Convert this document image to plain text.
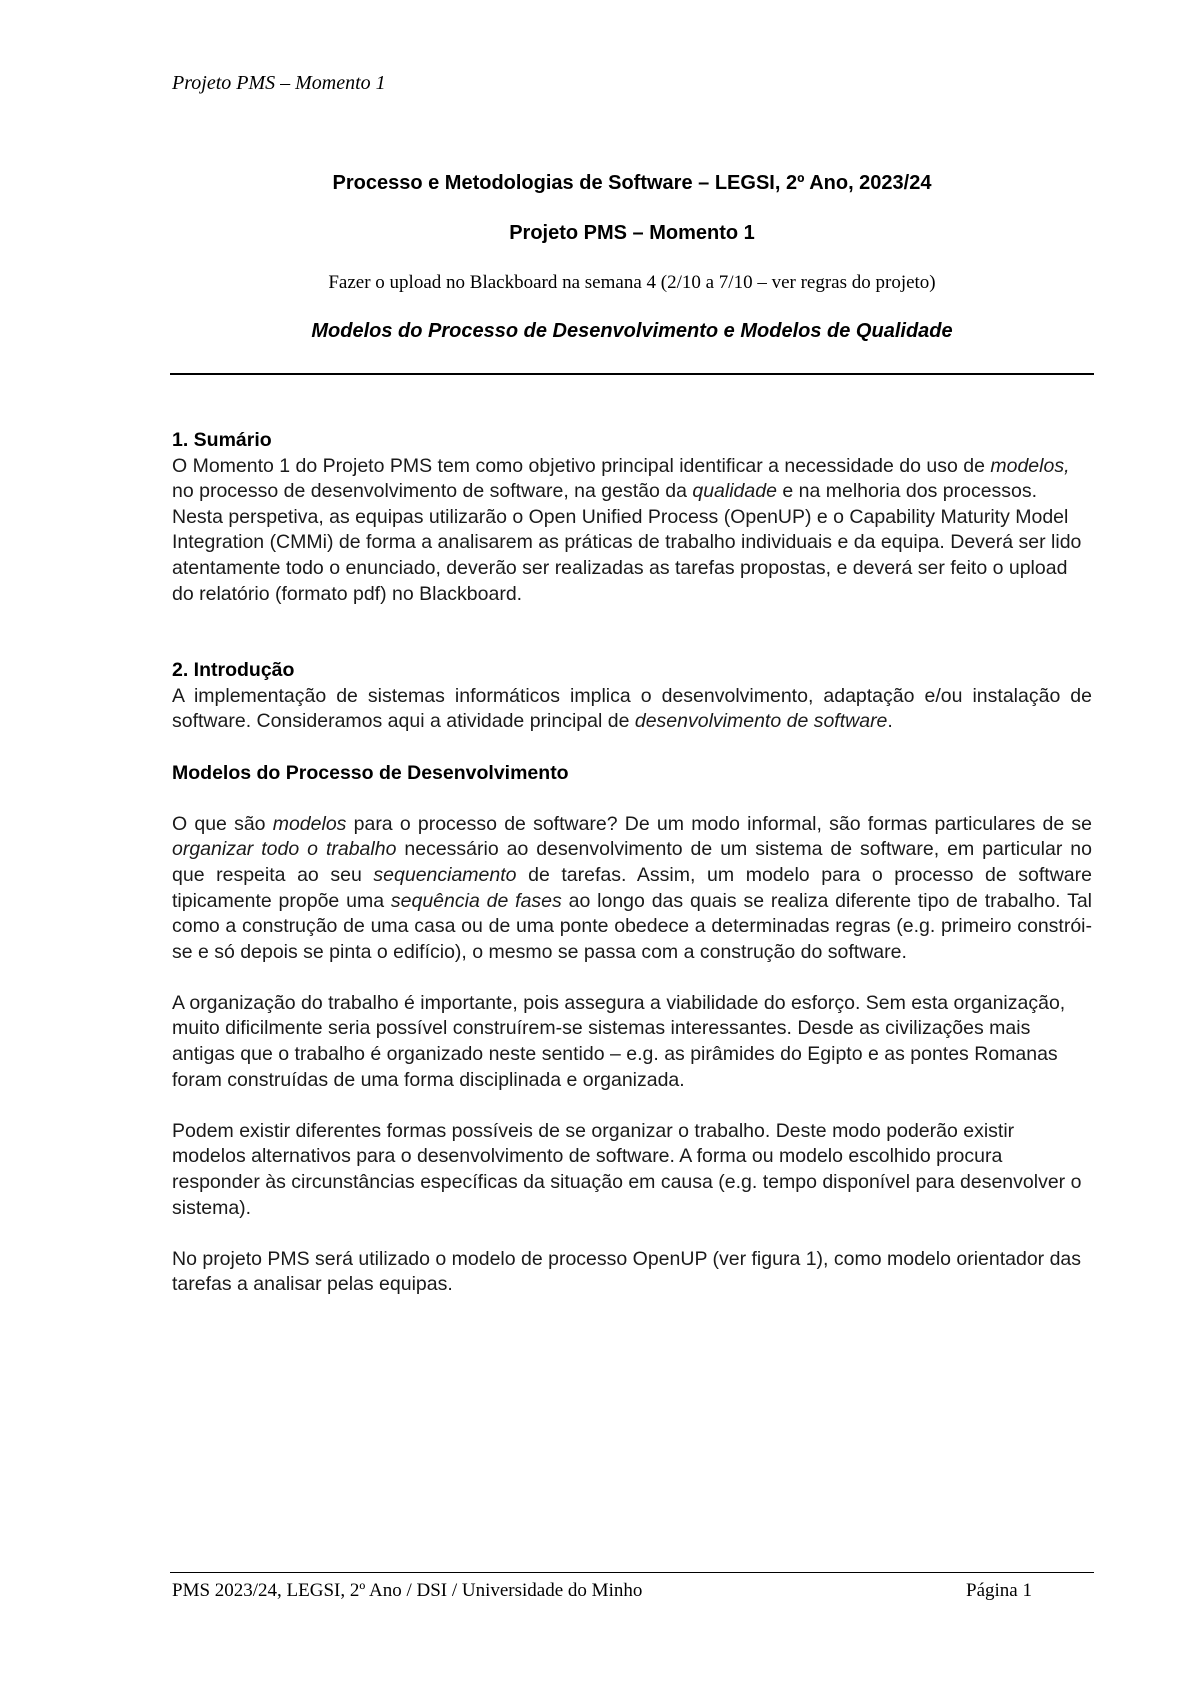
Projeto PMS – Momento 1
Processo e Metodologias de Software – LEGSI, 2º Ano, 2023/24
Projeto PMS – Momento 1
Fazer o upload no Blackboard na semana 4 (2/10 a 7/10 – ver regras do projeto)
Modelos do Processo de Desenvolvimento e Modelos de Qualidade

1. Sumário

O Momento 1 do Projeto PMS tem como objetivo principal identificar a necessidade do uso de modelos, no processo de desenvolvimento de software, na gestão da qualidade e na melhoria dos processos. Nesta perspetiva, as equipas utilizarão o Open Unified Process (OpenUP) e o Capability Maturity Model Integration (CMMi) de forma a analisarem as práticas de trabalho individuais e da equipa. Deverá ser lido atentamente todo o enunciado, deverão ser realizadas as tarefas propostas, e deverá ser feito o upload do relatório (formato pdf) no Blackboard.

2. Introdução

A implementação de sistemas informáticos implica o desenvolvimento, adaptação e/ou instalação de software. Consideramos aqui a atividade principal de desenvolvimento de software.

Modelos do Processo de Desenvolvimento

O que são modelos para o processo de software? De um modo informal, são formas particulares de se organizar todo o trabalho necessário ao desenvolvimento de um sistema de software, em particular no que respeita ao seu sequenciamento de tarefas. Assim, um modelo para o processo de software tipicamente propõe uma sequência de fases ao longo das quais se realiza diferente tipo de trabalho. Tal como a construção de uma casa ou de uma ponte obedece a determinadas regras (e.g. primeiro constrói-se e só depois se pinta o edifício), o mesmo se passa com a construção do software.

A organização do trabalho é importante, pois assegura a viabilidade do esforço. Sem esta organização, muito dificilmente seria possível construírem-se sistemas interessantes. Desde as civilizações mais antigas que o trabalho é organizado neste sentido – e.g. as pirâmides do Egipto e as pontes Romanas foram construídas de uma forma disciplinada e organizada.

Podem existir diferentes formas possíveis de se organizar o trabalho. Deste modo poderão existir modelos alternativos para o desenvolvimento de software. A forma ou modelo escolhido procura responder às circunstâncias específicas da situação em causa (e.g. tempo disponível para desenvolver o sistema).

No projeto PMS será utilizado o modelo de processo OpenUP (ver figura 1), como modelo orientador das tarefas a analisar pelas equipas.

PMS 2023/24, LEGSI, 2º Ano / DSI / Universidade do Minho	Página 1
